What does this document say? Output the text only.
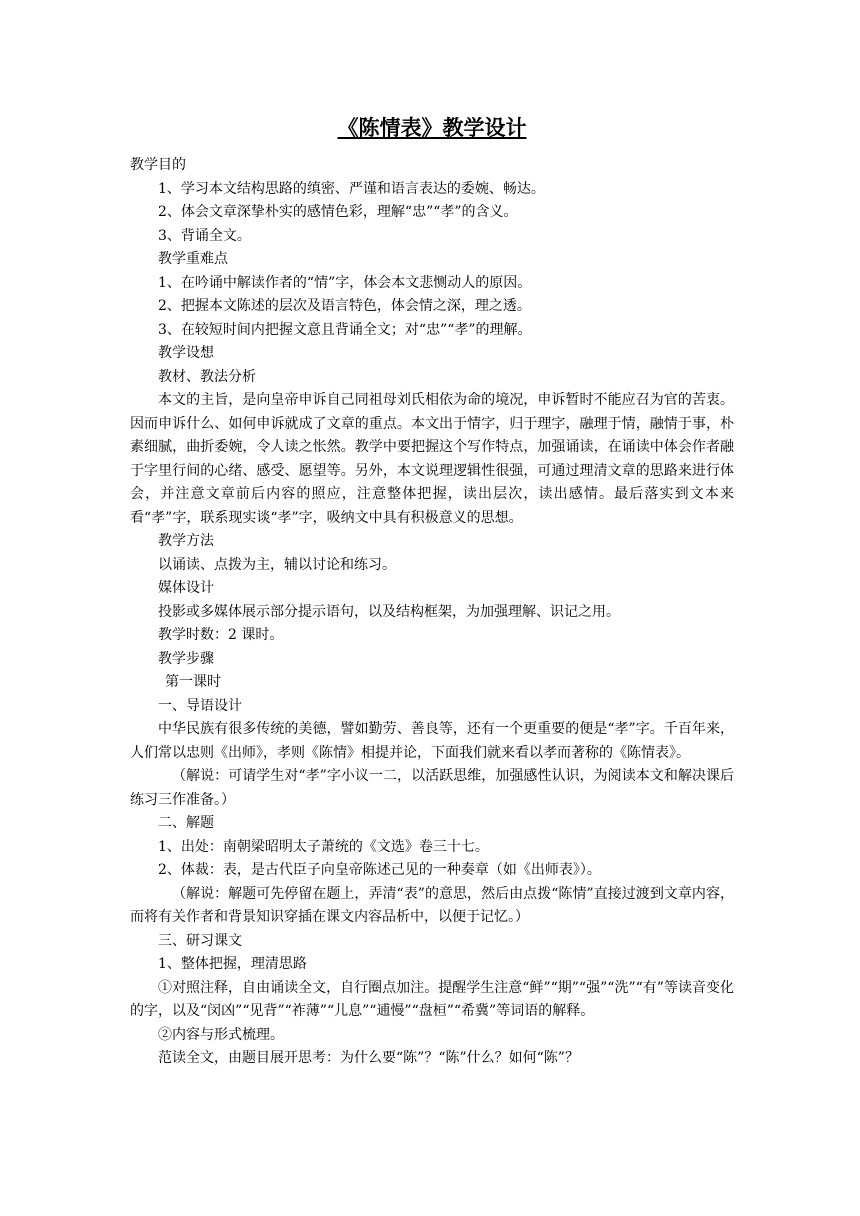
《陈情表》教学设计
教学目的
1、学习本文结构思路的缜密、严谨和语言表达的委婉、畅达。
2、体会文章深挚朴实的感情色彩，理解“忠”“孝”的含义。
3、背诵全文。
教学重难点
1、在吟诵中解读作者的“情”字，体会本文悲恻动人的原因。
2、把握本文陈述的层次及语言特色，体会情之深，理之透。
3、在较短时间内把握文意且背诵全文；对“忠”“孝”的理解。
教学设想
教材、教法分析
本文的主旨，是向皇帝申诉自己同祖母刘氏相依为命的境况，申诉暂时不能应召为官的苦衷。因而申诉什么、如何申诉就成了文章的重点。本文出于情字，归于理字，融理于情，融情于事，朴素细腻，曲折委婉，令人读之怅然。教学中要把握这个写作特点，加强诵读，在诵读中体会作者融于字里行间的心绪、感受、愿望等。另外，本文说理逻辑性很强，可通过理清文章的思路来进行体会，并注意文章前后内容的照应，注意整体把握，读出层次，读出感情。最后落实到文本来看“孝”字，联系现实谈“孝”字，吸纳文中具有积极意义的思想。
教学方法
以诵读、点拨为主，辅以讨论和练习。
媒体设计
投影或多媒体展示部分提示语句，以及结构框架，为加强理解、识记之用。
教学时数：2 课时。
教学步骤
第一课时
一、导语设计
中华民族有很多传统的美德，譬如勤劳、善良等，还有一个更重要的便是“孝”字。千百年来，人们常以忠则《出师》，孝则《陈情》相提并论，下面我们就来看以孝而著称的《陈情表》。
（解说：可请学生对“孝”字小议一二，以活跃思维，加强感性认识，为阅读本文和解决课后练习三作准备。）
二、解题
1、出处：南朝梁昭明太子萧统的《文选》卷三十七。
2、体裁：表，是古代臣子向皇帝陈述己见的一种奏章（如《出师表》）。
（解说：解题可先停留在题上，弄清“表”的意思，然后由点拨“陈情”直接过渡到文章内容，而将有关作者和背景知识穿插在课文内容品析中，以便于记忆。）
三、研习课文
1、整体把握，理清思路
①对照注释，自由诵读全文，自行圈点加注。提醒学生注意“鲜”“期”“强”“洗”“有”等读音变化的字，以及“闵凶”“见背”“祚薄”“儿息”“逋慢”“盘桓”“希冀”等词语的解释。
②内容与形式梳理。
范读全文，由题目展开思考：为什么要“陈”？“陈”什么？如何“陈”？
